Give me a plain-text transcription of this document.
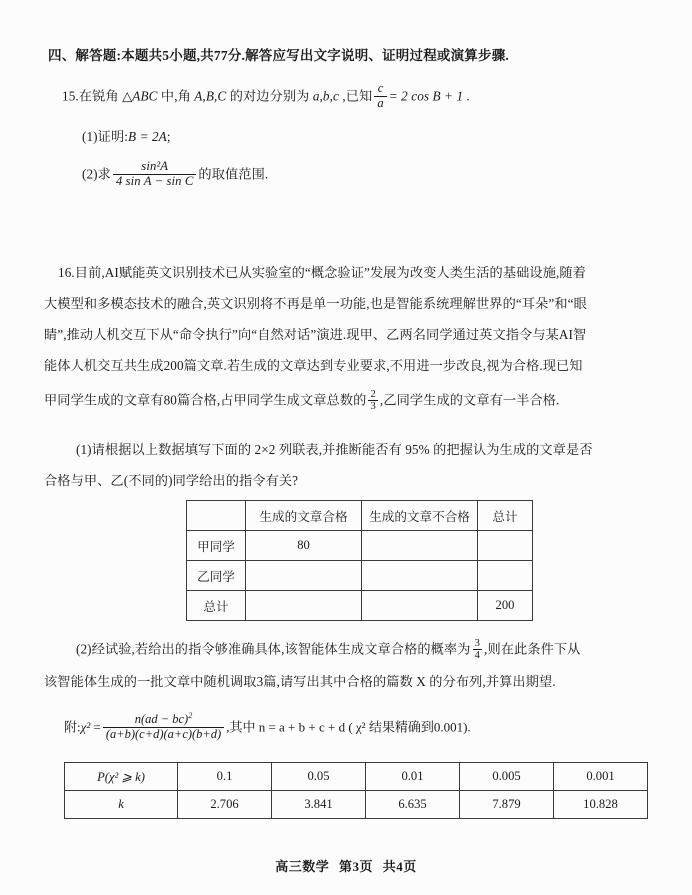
四、解答题:本题共5小题,共77分.解答应写出文字说明、证明过程或演算步骤.
15.在锐角 △ABC 中,角 A,B,C 的对边分别为 a,b,c ,已知 $\frac{c}{a} = 2$ cos B + 1 .
(1)证明:B = 2A;
(2)求 $\frac{\text{sin²A}}{\text{4 sin A − sin C}}$ 的取值范围.
16.目前,AI赋能英文识别技术已从实验室的“概念验证”发展为改变人类生活的基础设施,随着
大模型和多模态技术的融合,英文识别将不再是单一功能,也是智能系统理解世界的“耳朵”和“眼
睛”,推动人机交互下从“命令执行”向“自然对话”演进.现甲、乙两名同学通过英文指令与某AI智
能体人机交互共生成200篇文章.若生成的文章达到专业要求,不用进一步改良,视为合格.现已知
甲同学生成的文章有80篇合格,占甲同学生成文章总数的 $\frac{2}{3}$ ,乙同学生成的文章有一半合格.
(1)请根据以上数据填写下面的 2×2 列联表,并推断能否有 95% 的把握认为生成的文章是否
合格与甲、乙(不同的)同学给出的指令有关?
	生成的文章合格	生成的文章不合格	总计
甲同学	80		
乙同学			
总计			200
(2)经试验,若给出的指令够准确具体,该智能体生成文章合格的概率为 $\frac{3}{4}$ ,则在此条件下从
该智能体生成的一批文章中随机调取3篇,请写出其中合格的篇数 X 的分布列,并算出期望.
附:χ² = $\frac{n(ad - bc)^2}{(a+b)(c+d)(a+c)(b+d)}$ ,其中 n = a + b + c + d ( χ² 结果精确到0.001).
P(χ² ⩾ k)	0.1	0.05	0.01	0.005	0.001
k	2.706	3.841	6.635	7.879	10.828
高三数学 第3页 共4页
